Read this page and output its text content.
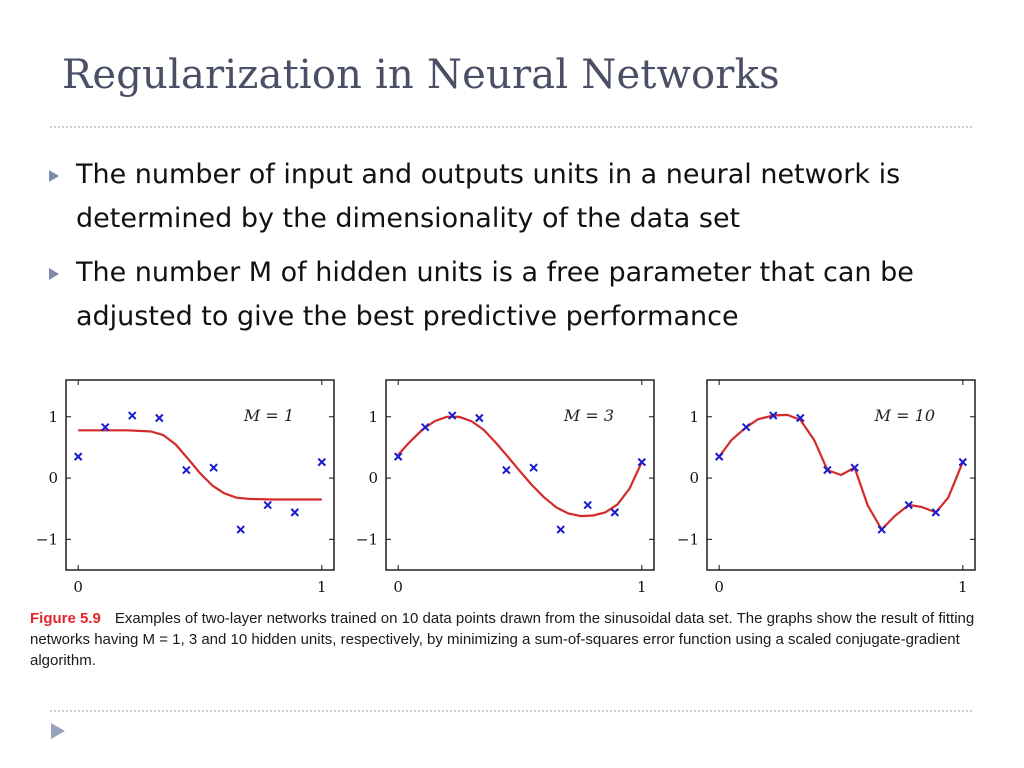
Regularization in Neural Networks
The number of input and outputs units in a neural network is determined by the dimensionality of the data set
The number M of hidden units is a free parameter that can be adjusted to give the best predictive performance
1
0
−1
0	1
M = 1	1
0
−1
0	1
M = 3	1
0
−1
0	1
M = 10
Figure 5.9 Examples of two-layer networks trained on 10 data points drawn from the sinusoidal data set. The graphs show the result of fitting networks having M = 1, 3 and 10 hidden units, respectively, by minimizing a sum-of-squares error function using a scaled conjugate-gradient algorithm.
